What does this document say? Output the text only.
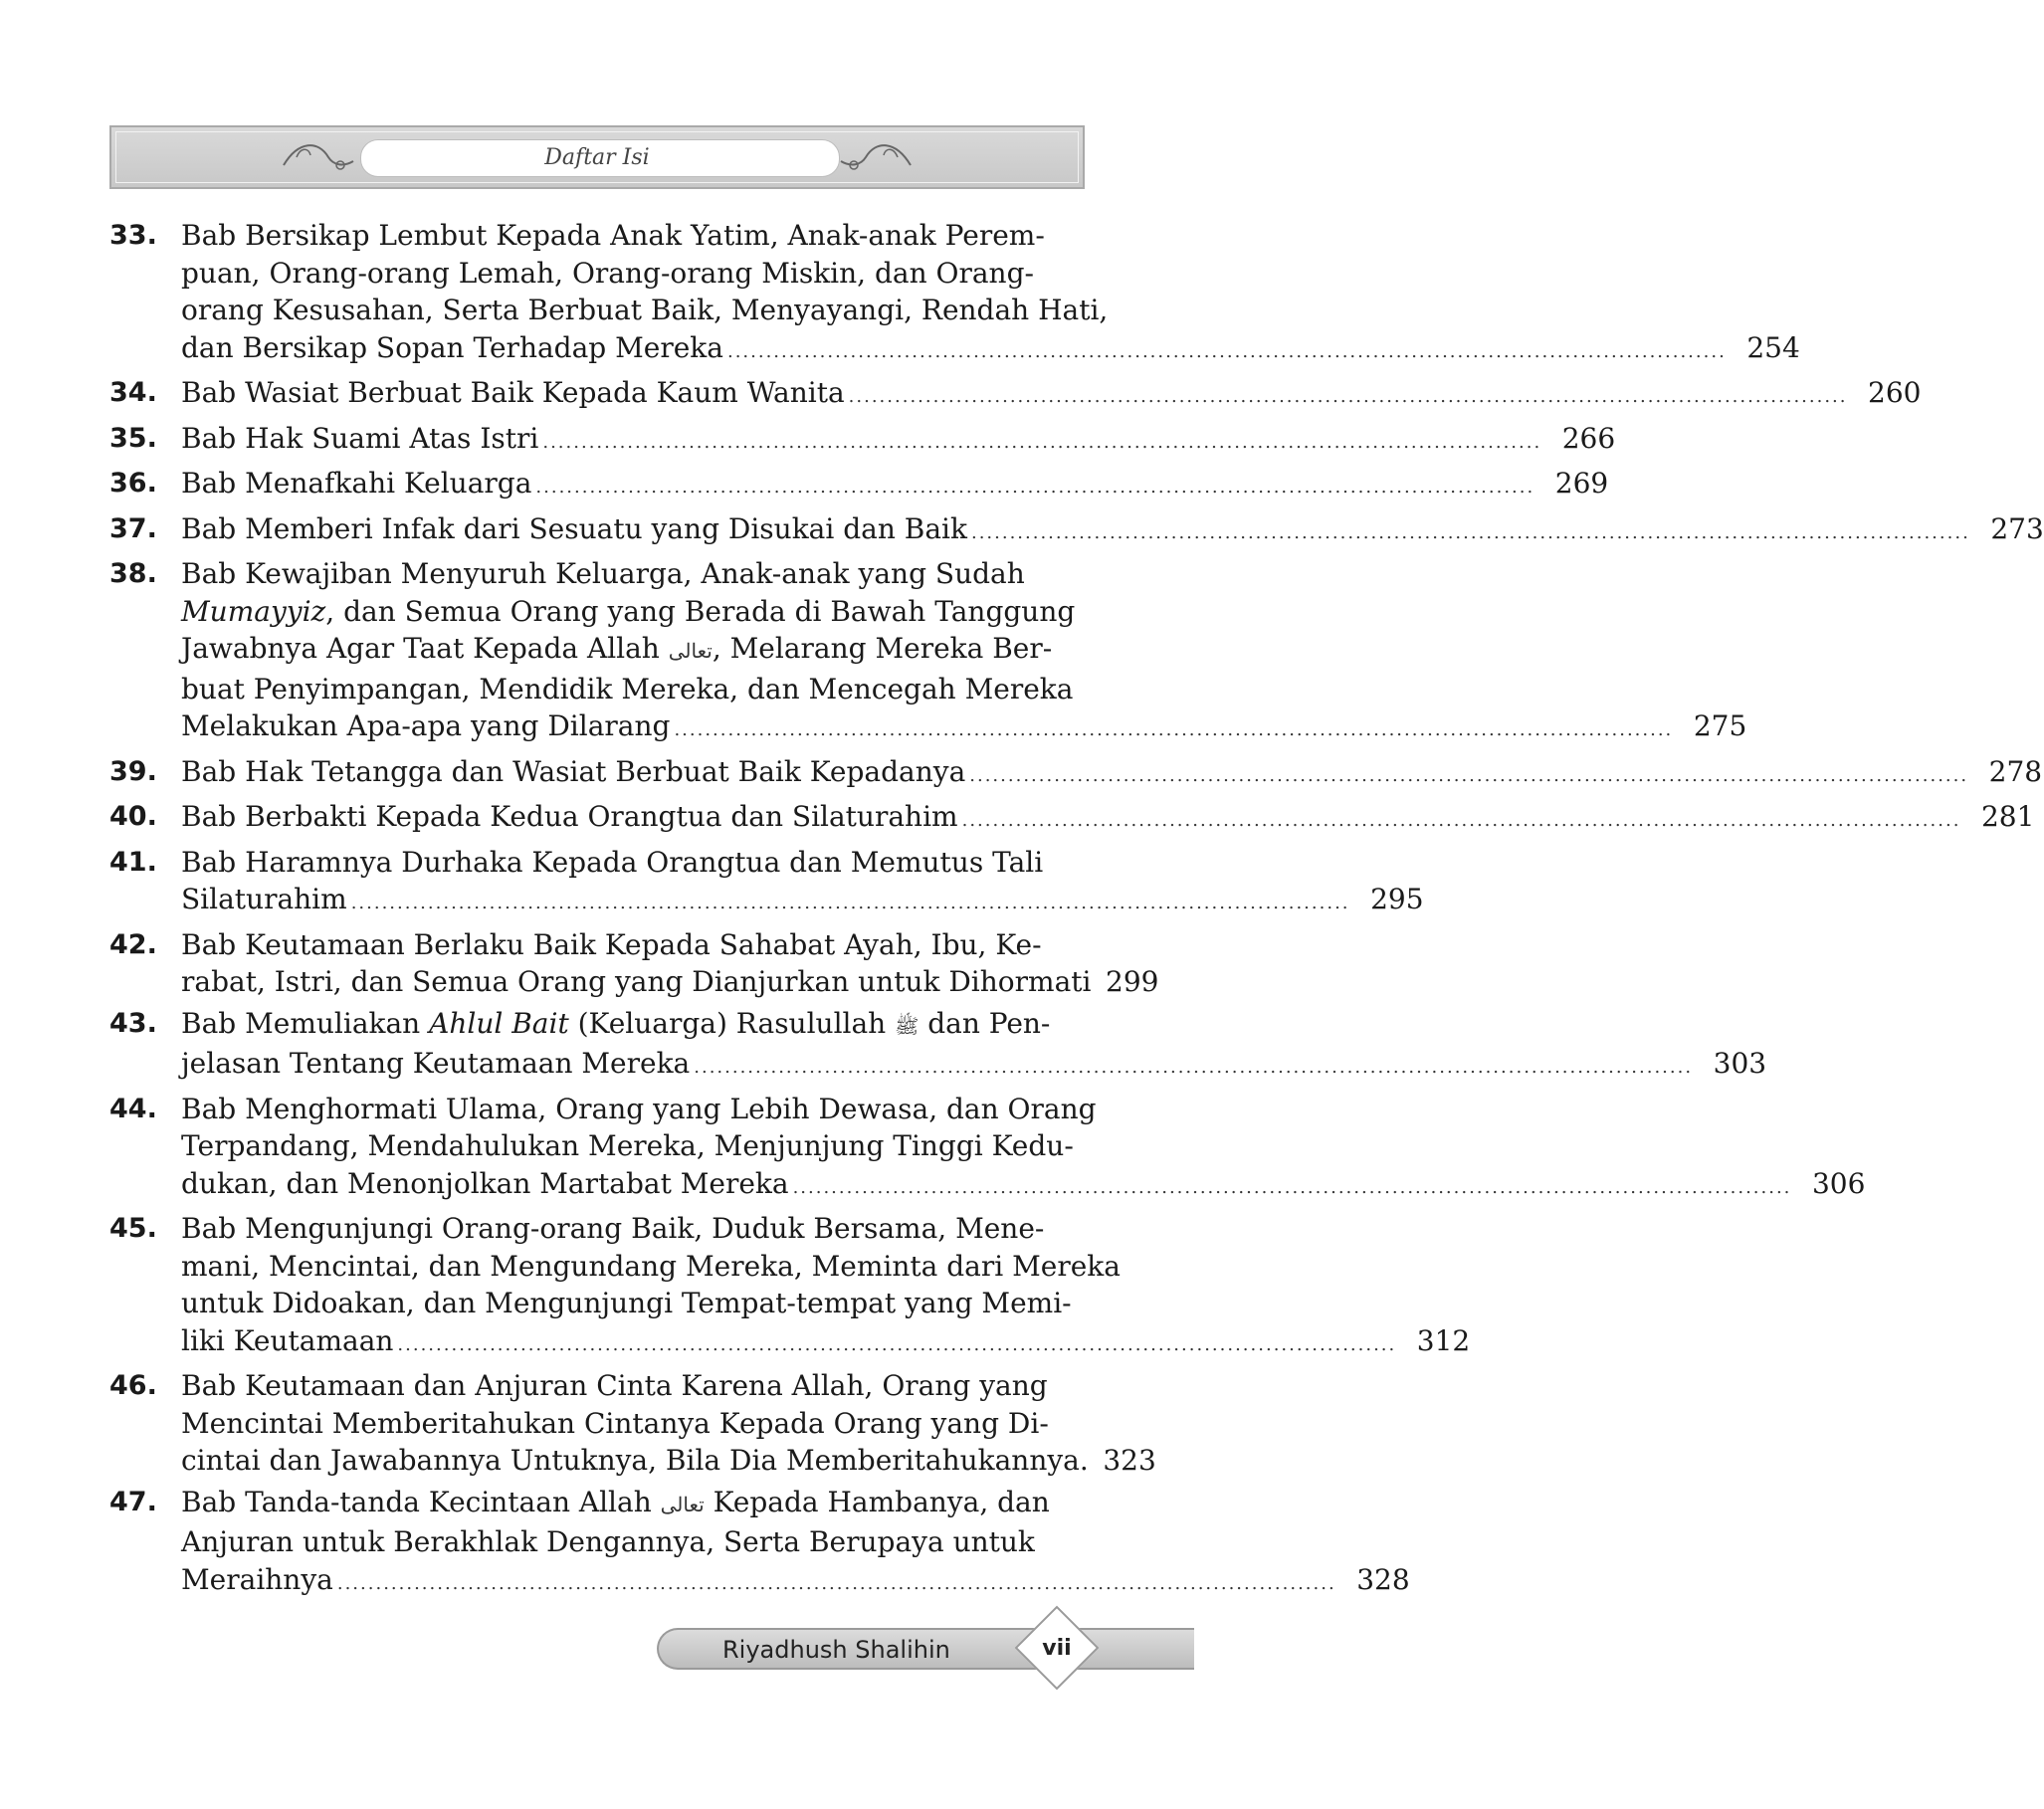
Daftar Isi
33. Bab Bersikap Lembut Kepada Anak Yatim, Anak-anak Perem-
puan, Orang-orang Lemah, Orang-orang Miskin, dan Orang-
orang Kesusahan, Serta Berbuat Baik, Menyayangi, Rendah Hati,
dan Bersikap Sopan Terhadap Mereka .................................................................................................................................. 254
34. Bab Wasiat Berbuat Baik Kepada Kaum Wanita .................................................................................................................................. 260
35. Bab Hak Suami Atas Istri .................................................................................................................................. 266
36. Bab Menafkahi Keluarga .................................................................................................................................. 269
37. Bab Memberi Infak dari Sesuatu yang Disukai dan Baik .................................................................................................................................. 273
38. Bab Kewajiban Menyuruh Keluarga, Anak-anak yang Sudah
Mumayyiz, dan Semua Orang yang Berada di Bawah Tanggung
Jawabnya Agar Taat Kepada Allah تعالى, Melarang Mereka Ber-
buat Penyimpangan, Mendidik Mereka, dan Mencegah Mereka
Melakukan Apa-apa yang Dilarang .................................................................................................................................. 275
39. Bab Hak Tetangga dan Wasiat Berbuat Baik Kepadanya .................................................................................................................................. 278
40. Bab Berbakti Kepada Kedua Orangtua dan Silaturahim .................................................................................................................................. 281
41. Bab Haramnya Durhaka Kepada Orangtua dan Memutus Tali
Silaturahim .................................................................................................................................. 295
42. Bab Keutamaan Berlaku Baik Kepada Sahabat Ayah, Ibu, Ke-
rabat, Istri, dan Semua Orang yang Dianjurkan untuk Dihormati 299
43. Bab Memuliakan Ahlul Bait (Keluarga) Rasulullah ﷺ dan Pen-
jelasan Tentang Keutamaan Mereka .................................................................................................................................. 303
44. Bab Menghormati Ulama, Orang yang Lebih Dewasa, dan Orang
Terpandang, Mendahulukan Mereka, Menjunjung Tinggi Kedu-
dukan, dan Menonjolkan Martabat Mereka .................................................................................................................................. 306
45. Bab Mengunjungi Orang-orang Baik, Duduk Bersama, Mene-
mani, Mencintai, dan Mengundang Mereka, Meminta dari Mereka
untuk Didoakan, dan Mengunjungi Tempat-tempat yang Memi-
liki Keutamaan .................................................................................................................................. 312
46. Bab Keutamaan dan Anjuran Cinta Karena Allah, Orang yang
Mencintai Memberitahukan Cintanya Kepada Orang yang Di-
cintai dan Jawabannya Untuknya, Bila Dia Memberitahukannya. 323
47. Bab Tanda-tanda Kecintaan Allah تعالى Kepada Hambanya, dan
Anjuran untuk Berakhlak Dengannya, Serta Berupaya untuk
Meraihnya .................................................................................................................................. 328
Riyadhush Shalihin	vii
